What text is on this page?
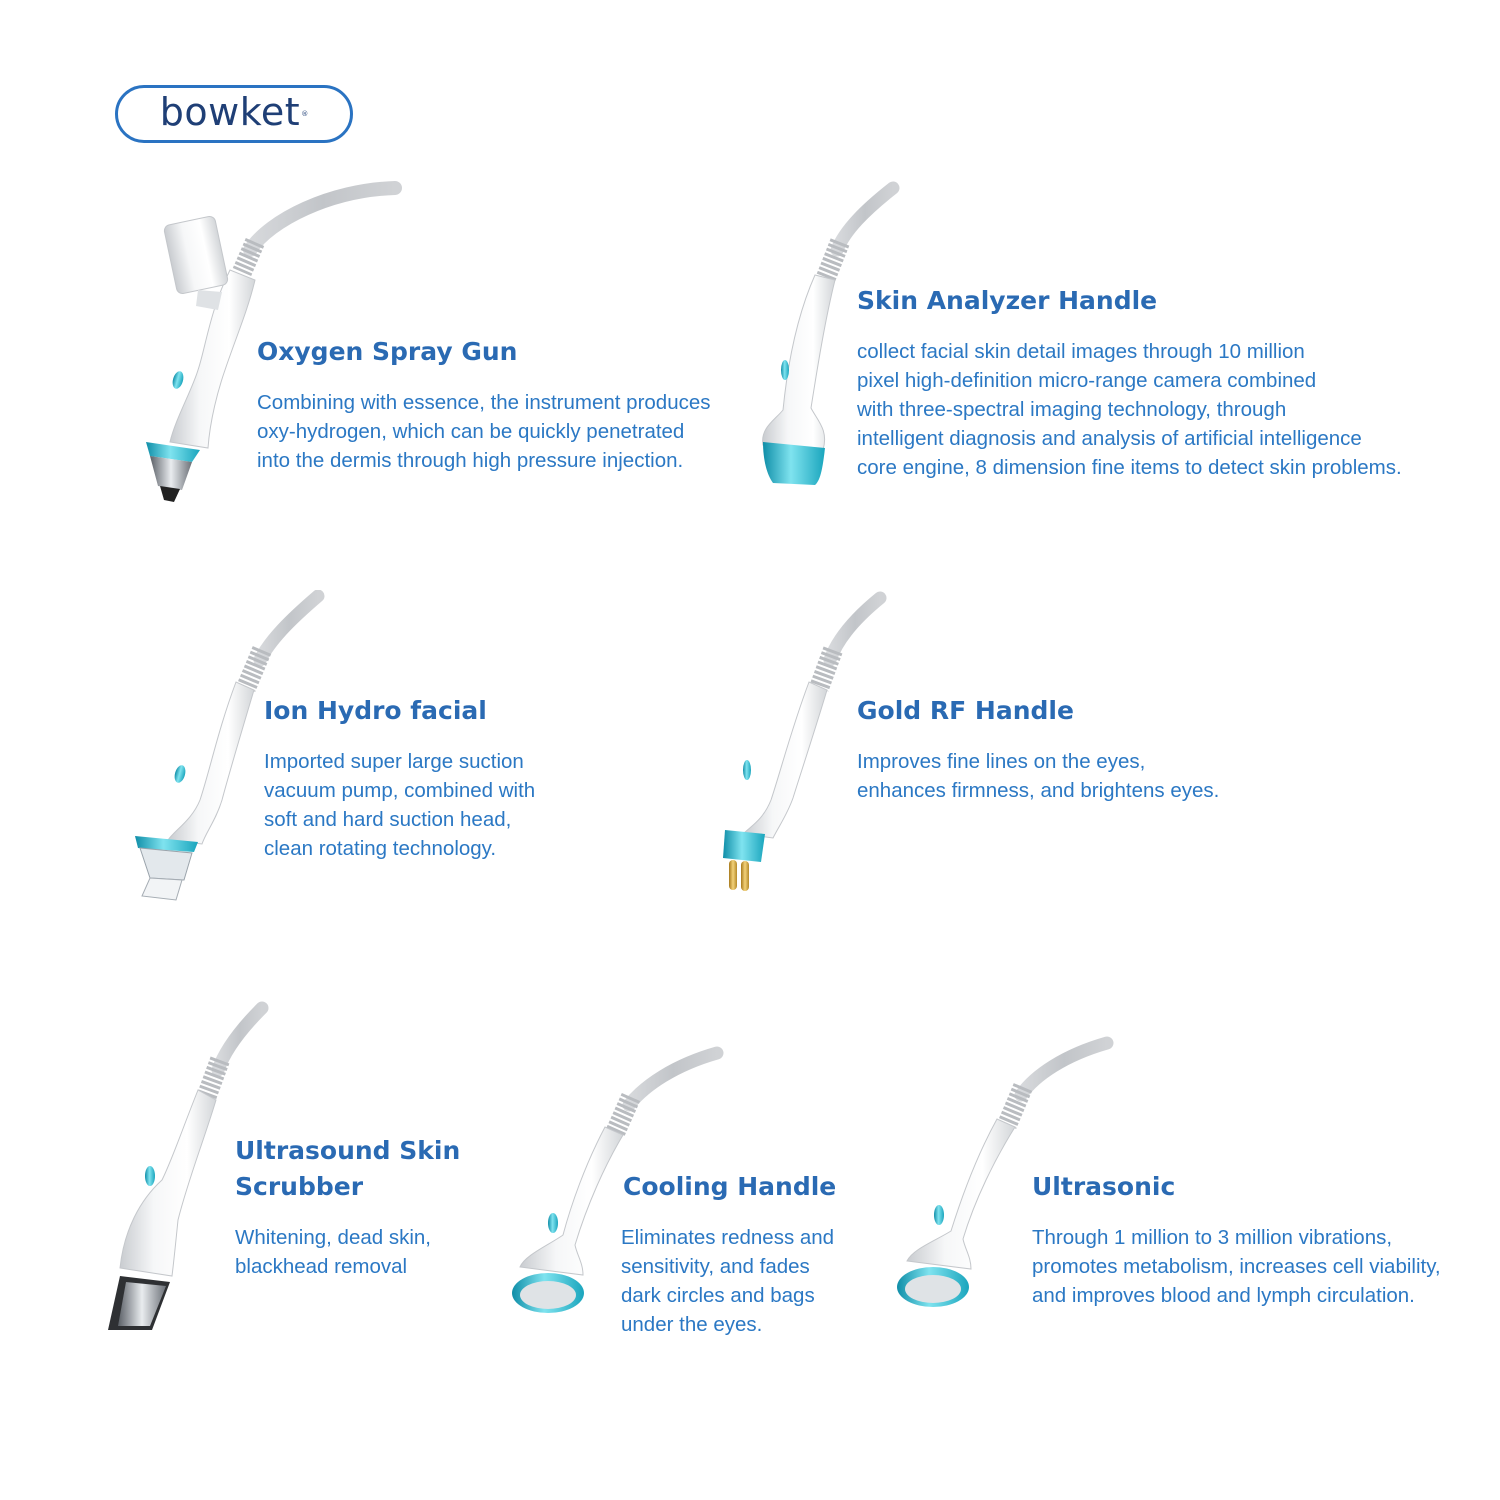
bowket ®
Oxygen Spray Gun

Combining with essence, the instrument produces
oxy-hydrogen, which can be quickly penetrated
into the dermis through high pressure injection.

Skin Analyzer Handle

collect facial skin detail images through 10 million
pixel high-definition micro-range camera combined
with three-spectral imaging technology, through
intelligent diagnosis and analysis of artificial intelligence
core engine, 8 dimension fine items to detect skin problems.

Ion Hydro facial

Imported super large suction
vacuum pump, combined with
soft and hard suction head,
clean rotating technology.

Gold RF Handle

Improves fine lines on the eyes,
enhances firmness, and brightens eyes.

Ultrasound Skin
Scrubber

Whitening, dead skin,
blackhead removal

Cooling Handle

Eliminates redness and
sensitivity, and fades
dark circles and bags
under the eyes.

Ultrasonic

Through 1 million to 3 million vibrations,
promotes metabolism, increases cell viability,
and improves blood and lymph circulation.
